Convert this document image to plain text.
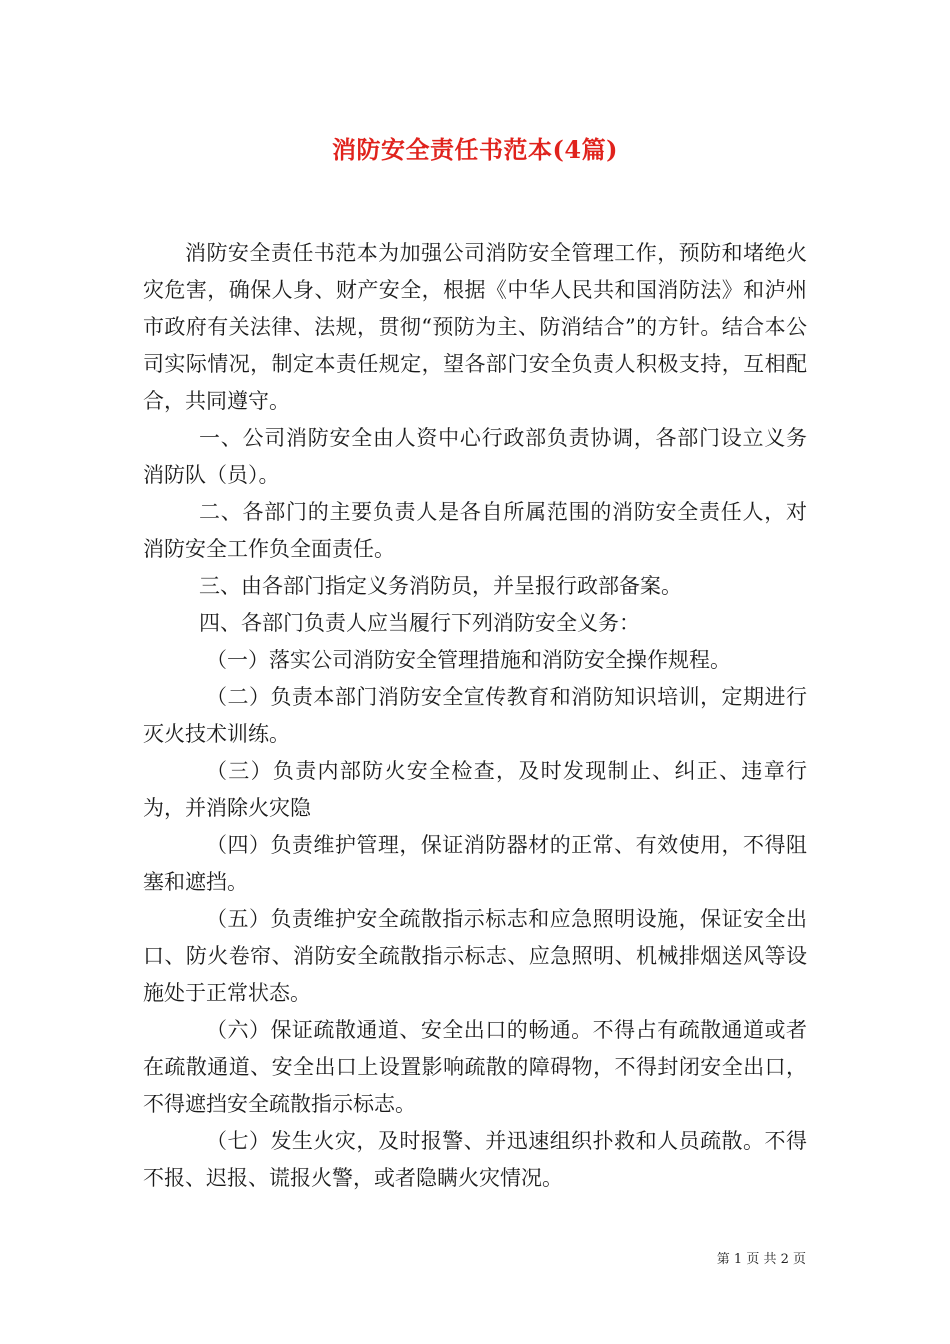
消防安全责任书范本(4篇)

消防安全责任书范本为加强公司消防安全管理工作，预防和堵绝火灾危害，确保人身、财产安全，根据《中华人民共和国消防法》和泸州市政府有关法律、法规，贯彻“预防为主、防消结合”的方针。结合本公司实际情况，制定本责任规定，望各部门安全负责人积极支持，互相配合，共同遵守。

一、公司消防安全由人资中心行政部负责协调，各部门设立义务消防队（员）。

二、各部门的主要负责人是各自所属范围的消防安全责任人，对消防安全工作负全面责任。

三、由各部门指定义务消防员，并呈报行政部备案。

四、各部门负责人应当履行下列消防安全义务：

（一）落实公司消防安全管理措施和消防安全操作规程。

（二）负责本部门消防安全宣传教育和消防知识培训，定期进行灭火技术训练。

（三）负责内部防火安全检查，及时发现制止、纠正、违章行为，并消除火灾隐

（四）负责维护管理，保证消防器材的正常、有效使用，不得阻塞和遮挡。

（五）负责维护安全疏散指示标志和应急照明设施，保证安全出口、防火卷帘、消防安全疏散指示标志、应急照明、机械排烟送风等设施处于正常状态。

（六）保证疏散通道、安全出口的畅通。不得占有疏散通道或者在疏散通道、安全出口上设置影响疏散的障碍物，不得封闭安全出口，不得遮挡安全疏散指示标志。

（七）发生火灾，及时报警、并迅速组织扑救和人员疏散。不得不报、迟报、谎报火警，或者隐瞒火灾情况。

第 1 页 共 2 页
